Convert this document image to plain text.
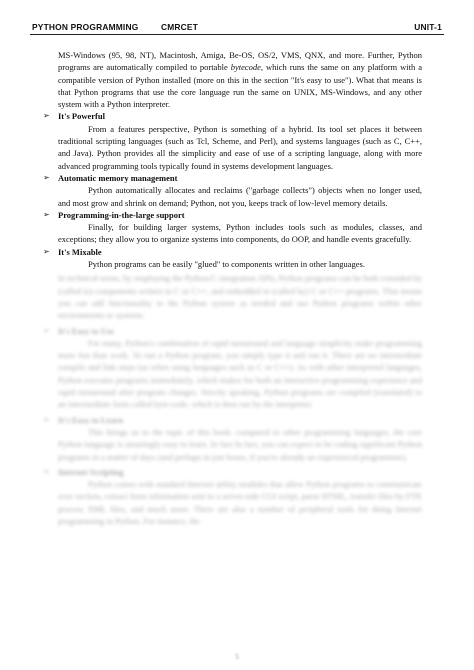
PYTHON PROGRAMMING	CMRCET	UNIT-1

MS-Windows (95, 98, NT), Macintosh, Amiga, Be-OS, OS/2, VMS, QNX, and more. Further, Python programs are automatically compiled to portable bytecode, which runs the same on any platform with a compatible version of Python installed (more on this in the section "It's easy to use"). What that means is that Python programs that use the core language run the same on UNIX, MS-Windows, and any other system with a Python interpreter.

➢ It's Powerful

From a features perspective, Python is something of a hybrid. Its tool set places it between traditional scripting languages (such as Tcl, Scheme, and Perl), and systems languages (such as C, C++, and Java). Python provides all the simplicity and ease of use of a scripting language, along with more advanced programming tools typically found in systems development languages.

➢ Automatic memory management

Python automatically allocates and reclaims ("garbage collects") objects when no longer used, and most grow and shrink on demand; Python, not you, keeps track of low-level memory details.

➢ Programming-in-the-large support

Finally, for building larger systems, Python includes tools such as modules, classes, and exceptions; they allow you to organize systems into components, do OOP, and handle events gracefully.

➢ It's Mixable

Python programs can be easily "glued" to components written in other languages.

In technical terms, by employing the Python/C integration APIs, Python programs can be both extended by (called to) components written in C or C++, and embedded in (called by) C or C++ programs. That means you can add functionality to the Python system as needed and use Python programs within other environments or systems.

➢ It's Easy to Use

For many, Python's combination of rapid turnaround and language simplicity make programming more fun than work. To run a Python program, you simply type it and run it. There are no intermediate compile and link steps (as when using languages such as C or C++). As with other interpreted languages, Python executes programs immediately, which makes for both an interactive programming experience and rapid turnaround after program changes. Strictly speaking, Python programs are compiled (translated) to an intermediate form called byte-code, which is then run by the interpreter.

➢ It's Easy to Learn

This brings us to the topic of this book: compared to other programming languages, the core Python language is amazingly easy to learn. In fact In fact, you can expect to be coding significant Python programs in a matter of days (and perhaps in just hours, if you're already an experienced programmer).

➢ Internet Scripting

Python comes with standard Internet utility modules that allow Python programs to communicate over sockets, extract form information sent to a server-side CGI script, parse HTML, transfer files by FTP, process XML files, and much more. There are also a number of peripheral tools for doing Internet programming in Python. For instance, the

5
